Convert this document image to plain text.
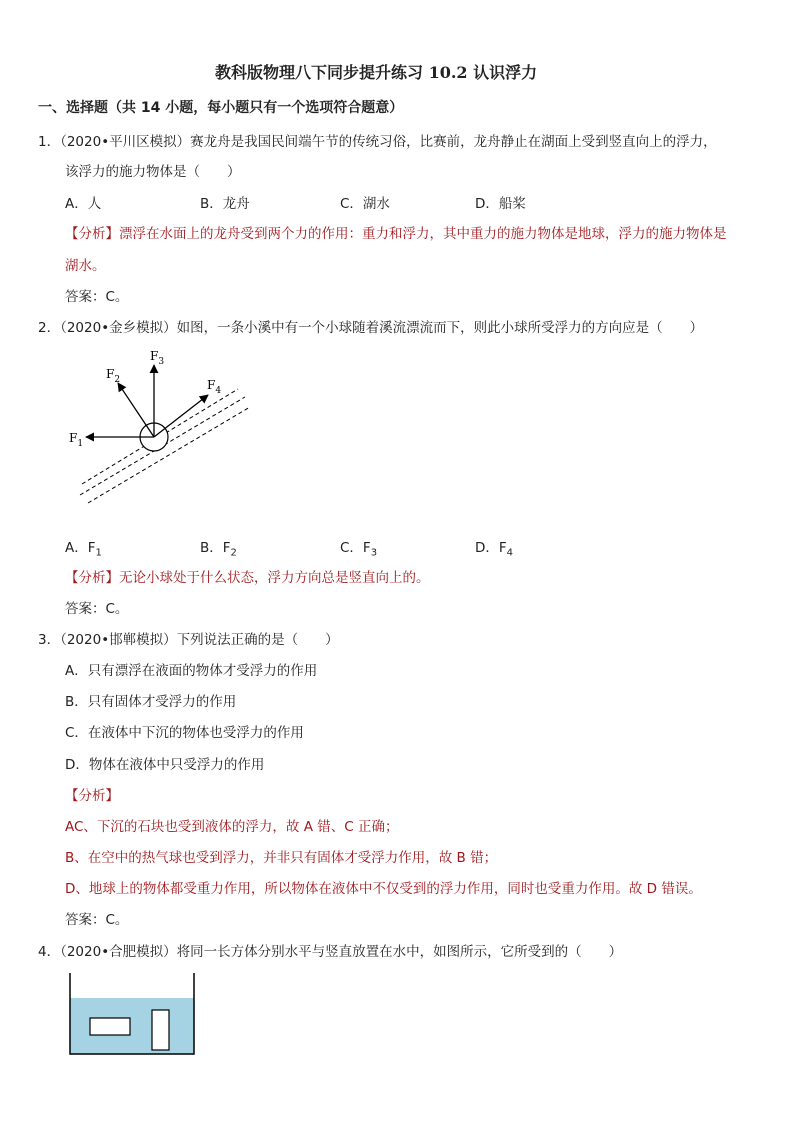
教科版物理八下同步提升练习 10.2 认识浮力
一、选择题（共 14 小题，每小题只有一个选项符合题意）
1．（2020•平川区模拟）赛龙舟是我国民间端午节的传统习俗，比赛前，龙舟静止在湖面上受到竖直向上的浮力，
该浮力的施力物体是（　　）
A．人	B．龙舟	C．湖水	D．船桨
【分析】漂浮在水面上的龙舟受到两个力的作用：重力和浮力，其中重力的施力物体是地球，浮力的施力物体是
湖水。
答案：C。
2．（2020•金乡模拟）如图，一条小溪中有一个小球随着溪流漂流而下，则此小球所受浮力的方向应是（　　）
$F_1$
$F_2$
$F_3$
$F_4$
A．$F_1$	B．$F_2$	C．$F_3$	D．$F_4$
【分析】无论小球处于什么状态，浮力方向总是竖直向上的。
答案：C。
3．（2020•邯郸模拟）下列说法正确的是（　　）
A．只有漂浮在液面的物体才受浮力的作用
B．只有固体才受浮力的作用
C．在液体中下沉的物体也受浮力的作用
D．物体在液体中只受浮力的作用
【分析】
AC、下沉的石块也受到液体的浮力，故 A 错、C 正确；
B、在空中的热气球也受到浮力，并非只有固体才受浮力作用，故 B 错；
D、地球上的物体都受重力作用，所以物体在液体中不仅受到的浮力作用，同时也受重力作用。故 D 错误。
答案：C。
4．（2020•合肥模拟）将同一长方体分别水平与竖直放置在水中，如图所示，它所受到的（　　）
